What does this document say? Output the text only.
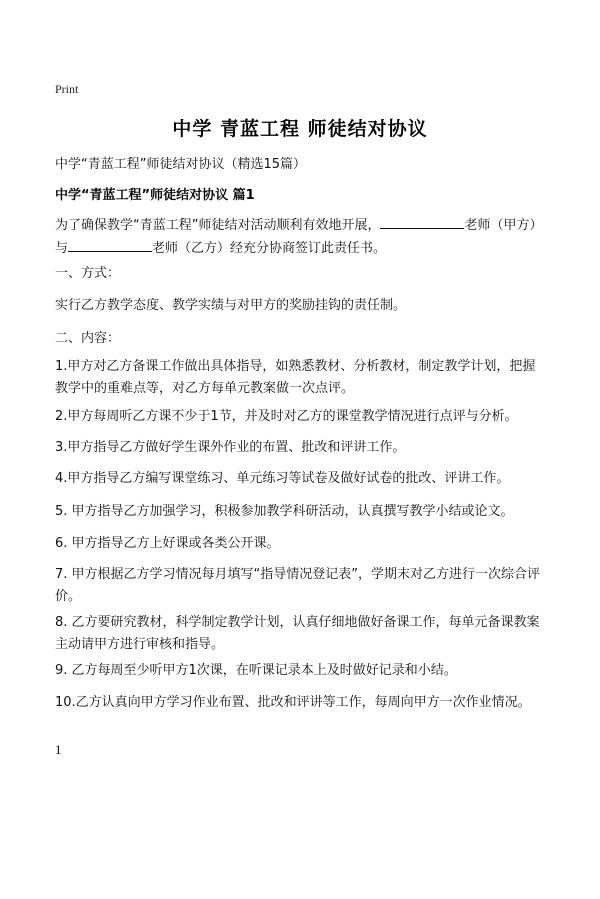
Print
中学 青蓝工程 师徒结对协议
中学“青蓝工程”师徒结对协议（精选15篇）
中学“青蓝工程”师徒结对协议 篇1

为了确保教学“青蓝工程”师徒结对活动顺利有效地开展，	老师（甲方）与	老师（乙方）经充分协商签订此责任书。

一、方式：

实行乙方教学态度、教学实绩与对甲方的奖励挂钩的责任制。

二、内容：

1.甲方对乙方备课工作做出具体指导，如熟悉教材、分析教材，制定教学计划，把握教学中的重难点等，对乙方每单元教案做一次点评。

2.甲方每周听乙方课不少于1节，并及时对乙方的课堂教学情况进行点评与分析。

3.甲方指导乙方做好学生课外作业的布置、批改和评讲工作。

4.甲方指导乙方编写课堂练习、单元练习等试卷及做好试卷的批改、评讲工作。

5. 甲方指导乙方加强学习，积极参加教学科研活动，认真撰写教学小结或论文。

6. 甲方指导乙方上好课或各类公开课。

7. 甲方根据乙方学习情况每月填写“指导情况登记表”，学期末对乙方进行一次综合评价。

8. 乙方要研究教材，科学制定教学计划，认真仔细地做好备课工作，每单元备课教案主动请甲方进行审核和指导。

9. 乙方每周至少听甲方1次课，在听课记录本上及时做好记录和小结。

10.乙方认真向甲方学习作业布置、批改和评讲等工作，每周向甲方一次作业情况。

1
